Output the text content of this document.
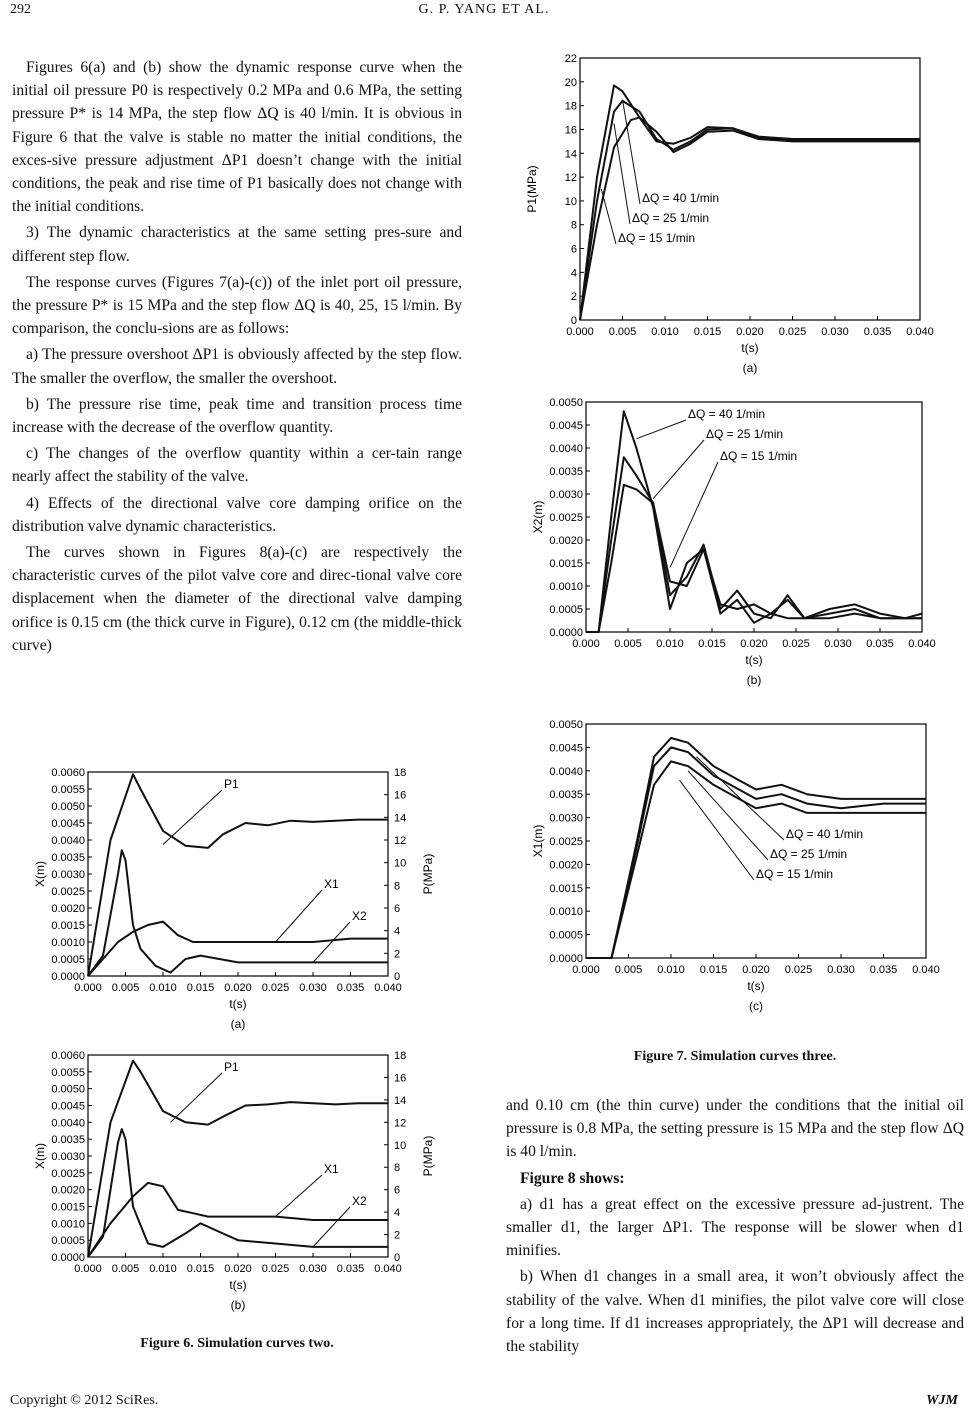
292	G. P. YANG ET AL.

Figures 6(a) and (b) show the dynamic response curve when the initial oil pressure P0 is respectively 0.2 MPa and 0.6 MPa, the setting pressure P* is 14 MPa, the step flow ΔQ is 40 l/min. It is obvious in Figure 6 that the valve is stable no matter the initial conditions, the exces-sive pressure adjustment ΔP1 doesn’t change with the initial conditions, the peak and rise time of P1 basically does not change with the initial conditions.

3) The dynamic characteristics at the same setting pres-sure and different step flow.

The response curves (Figures 7(a)-(c)) of the inlet port oil pressure, the pressure P* is 15 MPa and the step flow ΔQ is 40, 25, 15 l/min. By comparison, the conclu-sions are as follows:

a) The pressure overshoot ΔP1 is obviously affected by the step flow. The smaller the overflow, the smaller the overshoot.

b) The pressure rise time, peak time and transition process time increase with the decrease of the overflow quantity.

c) The changes of the overflow quantity within a cer-tain range nearly affect the stability of the valve.

4) Effects of the directional valve core damping orifice on the distribution valve dynamic characteristics.

The curves shown in Figures 8(a)-(c) are respectively the characteristic curves of the pilot valve core and direc-tional valve core displacement when the diameter of the directional valve damping orifice is 0.15 cm (the thick curve in Figure), 0.12 cm (the middle-thick curve)

0.000 0.005 0.010 0.015 0.020 0.025 0.030 0.035 0.040
0.0000
0.0005
0.0010
0.0015
0.0020
0.0025
0.0030
0.0035
0.0040
0.0045
0.0050
0.0055
0.0060
0
2
4
6
8
10
12
14
16
18
P(MPa)
t(s)
X(m)
P1
X1
X2
(a)
0.000 0.005 0.010 0.015 0.020 0.025 0.030 0.035 0.040
0.0000
0.0005
0.0010
0.0015
0.0020
0.0025
0.0030
0.0035
0.0040
0.0045
0.0050
0.0055
0.0060
0
2
4
6
8
10
12
14
16
18
P(MPa)
t(s)
X(m)
P1
X1
X2
(b)
Figure 6. Simulation curves two.
0.000 0.005 0.010 0.015 0.020 0.025 0.030 0.035 0.040
0
2
4
6
8
10
12
14
16
18
20
22
t(s)
P1(MPa)	ΔQ = 40 1/min
ΔQ = 25 1/min
ΔQ = 15 1/min
(a)
0.000 0.005 0.010 0.015 0.020 0.025 0.030 0.035 0.040
0.0000
0.0005
0.0010
0.0015
0.0020
0.0025
0.0030
0.0035
0.0040
0.0045
0.0050
t(s)
X2(m)
ΔQ = 40 1/min
ΔQ = 25 1/min
ΔQ = 15 1/min
(b)
0.000 0.005 0.010 0.015 0.020 0.025 0.030 0.035 0.040
0.0000
0.0005
0.0010
0.0015
0.0020
0.0025
0.0030
0.0035
0.0040
0.0045
0.0050
t(s)
X1(m)	ΔQ = 40 1/min
ΔQ = 25 1/min
ΔQ = 15 1/min
(c)
Figure 7. Simulation curves three.

and 0.10 cm (the thin curve) under the conditions that the initial oil pressure is 0.8 MPa, the setting pressure is 15 MPa and the step flow ΔQ is 40 l/min.

Figure 8 shows:

a) d1 has a great effect on the excessive pressure ad-justrent. The smaller d1, the larger ΔP1. The response will be slower when d1 minifies.

b) When d1 changes in a small area, it won’t obviously affect the stability of the valve. When d1 minifies, the pilot valve core will close for a long time. If d1 increases appropriately, the ΔP1 will decrease and the stability

Copyright © 2012 SciRes.	WJM
